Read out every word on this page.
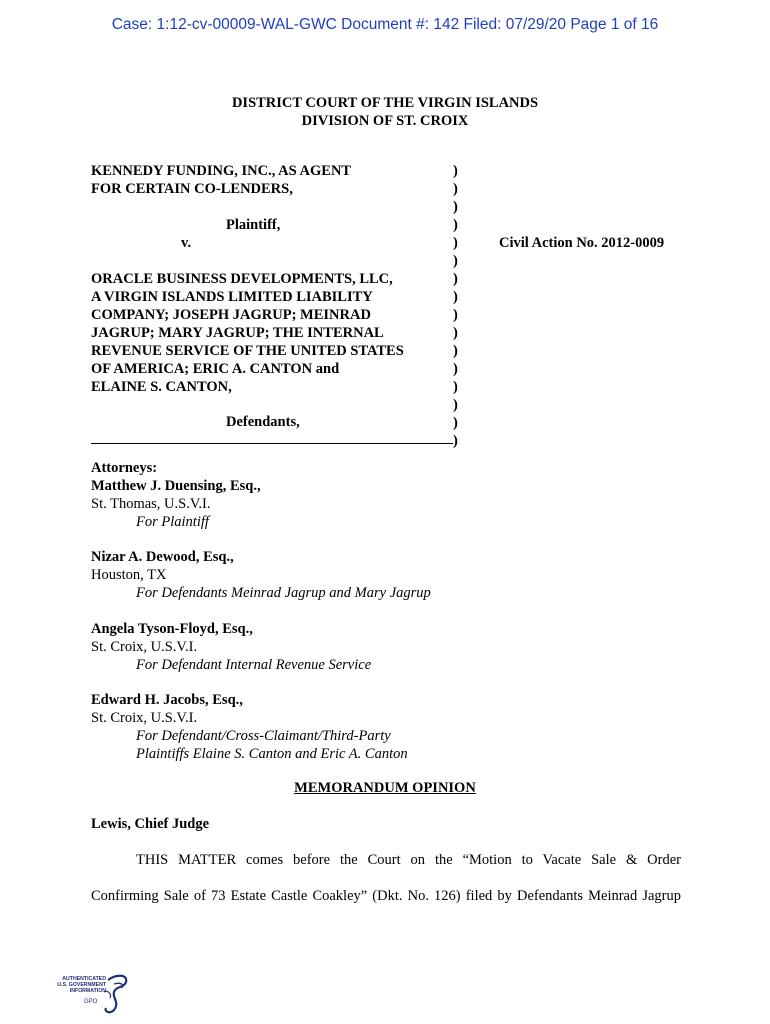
Case: 1:12-cv-00009-WAL-GWC Document #: 142 Filed: 07/29/20 Page 1 of 16
DISTRICT COURT OF THE VIRGIN ISLANDS
DIVISION OF ST. CROIX
KENNEDY FUNDING, INC., AS AGENT
FOR CERTAIN CO-LENDERS,
Plaintiff,
v.
ORACLE BUSINESS DEVELOPMENTS, LLC,
A VIRGIN ISLANDS LIMITED LIABILITY
COMPANY; JOSEPH JAGRUP; MEINRAD
JAGRUP; MARY JAGRUP; THE INTERNAL
REVENUE SERVICE OF THE UNITED STATES
OF AMERICA; ERIC A. CANTON and
ELAINE S. CANTON,
Defendants,
)
)
)
)
)
)
)
)
)
)
)
)
)
)
)
)
Civil Action No. 2012-0009
Attorneys:
Matthew J. Duensing, Esq.,
St. Thomas, U.S.V.I.
For Plaintiff
Nizar A. Dewood, Esq.,
Houston, TX
For Defendants Meinrad Jagrup and Mary Jagrup
Angela Tyson-Floyd, Esq.,
St. Croix, U.S.V.I.
For Defendant Internal Revenue Service
Edward H. Jacobs, Esq.,
St. Croix, U.S.V.I.
For Defendant/Cross-Claimant/Third-Party
Plaintiffs Elaine S. Canton and Eric A. Canton
MEMORANDUM OPINION
Lewis, Chief Judge
THIS MATTER comes before the Court on the “Motion to Vacate Sale & Order
Confirming Sale of 73 Estate Castle Coakley” (Dkt. No. 126) filed by Defendants Meinrad Jagrup
AUTHENTICATED
U.S. GOVERNMENT
INFORMATION
GPO
